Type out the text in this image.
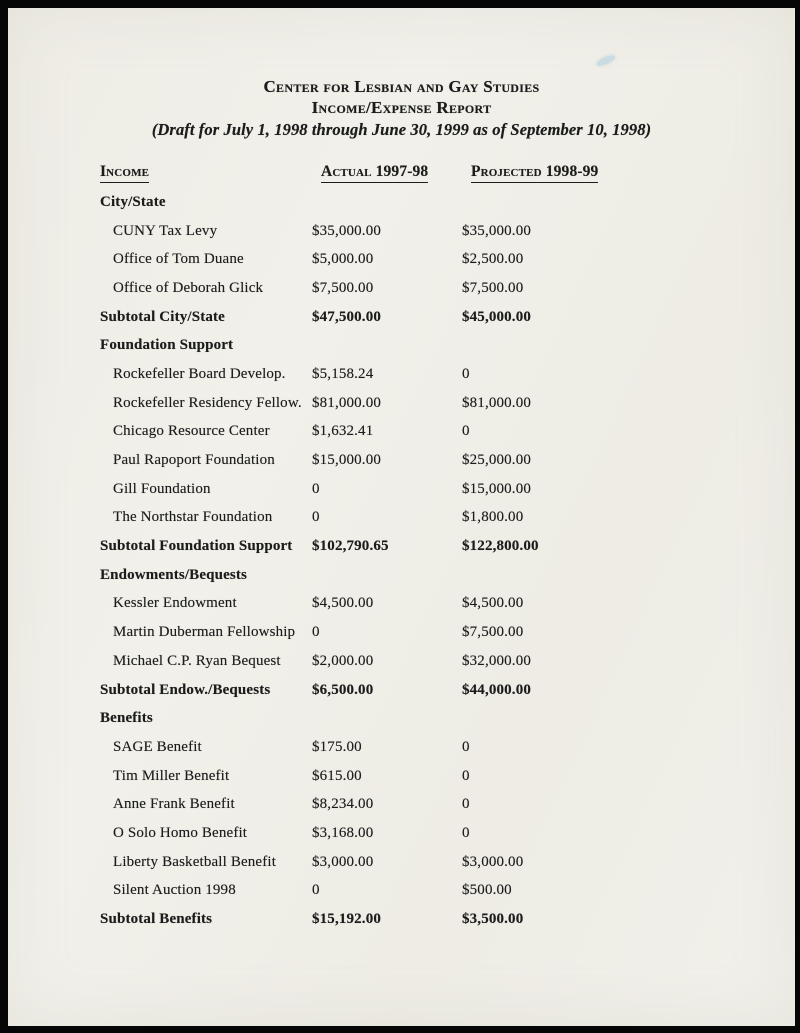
Center for Lesbian and Gay Studies
Income/Expense Report
(Draft for July 1, 1998 through June 30, 1999 as of September 10, 1998)
Income	Actual 1997-98	Projected 1998-99
City/State
CUNY Tax Levy	$35,000.00	$35,000.00
Office of Tom Duane	$5,000.00	$2,500.00
Office of Deborah Glick	$7,500.00	$7,500.00
Subtotal City/State	$47,500.00	$45,000.00
Foundation Support
Rockefeller Board Develop.	$5,158.24	0
Rockefeller Residency Fellow. $81,000.00	$81,000.00
Chicago Resource Center	$1,632.41	0
Paul Rapoport Foundation	$15,000.00	$25,000.00
Gill Foundation	0	$15,000.00
The Northstar Foundation	0	$1,800.00
Subtotal Foundation Support	$102,790.65	$122,800.00
Endowments/Bequests
Kessler Endowment	$4,500.00	$4,500.00
Martin Duberman Fellowship	0	$7,500.00
Michael C.P. Ryan Bequest	$2,000.00	$32,000.00
Subtotal Endow./Bequests	$6,500.00	$44,000.00
Benefits
SAGE Benefit	$175.00	0
Tim Miller Benefit	$615.00	0
Anne Frank Benefit	$8,234.00	0
O Solo Homo Benefit	$3,168.00	0
Liberty Basketball Benefit	$3,000.00	$3,000.00
Silent Auction 1998	0	$500.00
Subtotal Benefits	$15,192.00	$3,500.00
